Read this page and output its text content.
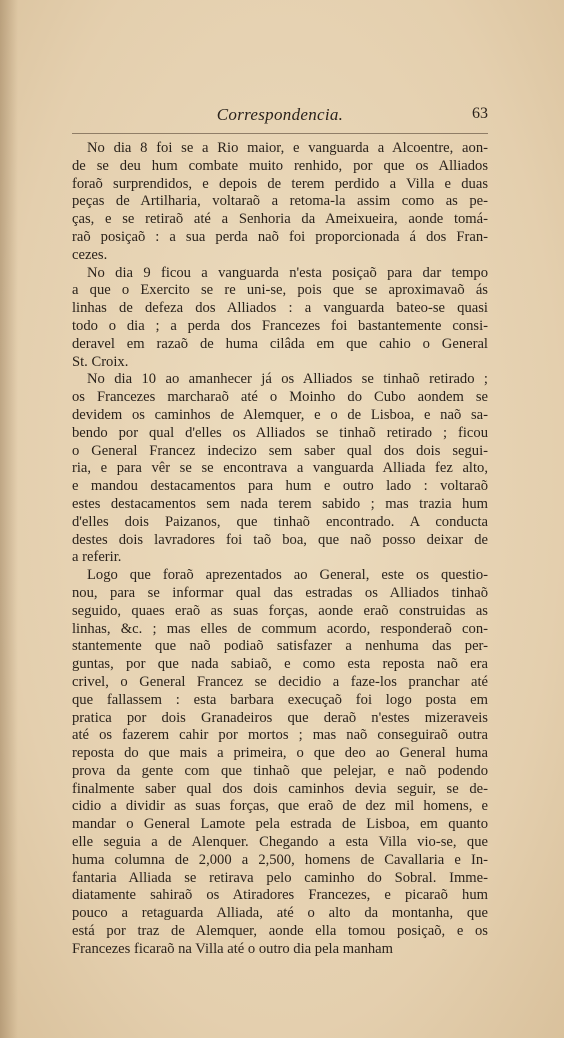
Correspondencia.	63
No dia 8 foi se a Rio maior, e vanguarda a Alcoentre, aon-
de se deu hum combate muito renhido, por que os Alliados
foraõ surprendidos, e depois de terem perdido a Villa e duas
peças de Artilharia, voltaraõ a retoma-la assim como as pe-
ças, e se retiraõ até a Senhoria da Ameixueira, aonde tomá-
raõ posiçaõ : a sua perda naõ foi proporcionada á dos Fran-
cezes.
No dia 9 ficou a vanguarda n'esta posiçaõ para dar tempo
a que o Exercito se re uni-se, pois que se aproximavaõ ás
linhas de defeza dos Alliados : a vanguarda bateo-se quasi
todo o dia ; a perda dos Francezes foi bastantemente consi-
deravel em razaõ de huma cilâda em que cahio o General
St. Croix.
No dia 10 ao amanhecer já os Alliados se tinhaõ retirado ;
os Francezes marcharaõ até o Moinho do Cubo aondem se
devidem os caminhos de Alemquer, e o de Lisboa, e naõ sa-
bendo por qual d'elles os Alliados se tinhaõ retirado ; ficou
o General Francez indecizo sem saber qual dos dois segui-
ria, e para vêr se se encontrava a vanguarda Alliada fez alto,
e mandou destacamentos para hum e outro lado : voltaraõ
estes destacamentos sem nada terem sabido ; mas trazia hum
d'elles dois Paizanos, que tinhaõ encontrado. A conducta
destes dois lavradores foi taõ boa, que naõ posso deixar de
a referir.
Logo que foraõ aprezentados ao General, este os questio-
nou, para se informar qual das estradas os Alliados tinhaõ
seguido, quaes eraõ as suas forças, aonde eraõ construidas as
linhas, &c. ; mas elles de commum acordo, responderaõ con-
stantemente que naõ podiaõ satisfazer a nenhuma das per-
guntas, por que nada sabiaõ, e como esta reposta naõ era
crivel, o General Francez se decidio a faze-los pranchar até
que fallassem : esta barbara execuçaõ foi logo posta em
pratica por dois Granadeiros que deraõ n'estes mizeraveis
até os fazerem cahir por mortos ; mas naõ conseguiraõ outra
reposta do que mais a primeira, o que deo ao General huma
prova da gente com que tinhaõ que pelejar, e naõ podendo
finalmente saber qual dos dois caminhos devia seguir, se de-
cidio a dividir as suas forças, que eraõ de dez mil homens, e
mandar o General Lamote pela estrada de Lisboa, em quanto
elle seguia a de Alenquer. Chegando a esta Villa vio-se, que
huma columna de 2,000 a 2,500, homens de Cavallaria e In-
fantaria Alliada se retirava pelo caminho do Sobral. Imme-
diatamente sahiraõ os Atiradores Francezes, e picaraõ hum
pouco a retaguarda Alliada, até o alto da montanha, que
está por traz de Alemquer, aonde ella tomou posiçaõ, e os
Francezes ficaraõ na Villa até o outro dia pela manham
